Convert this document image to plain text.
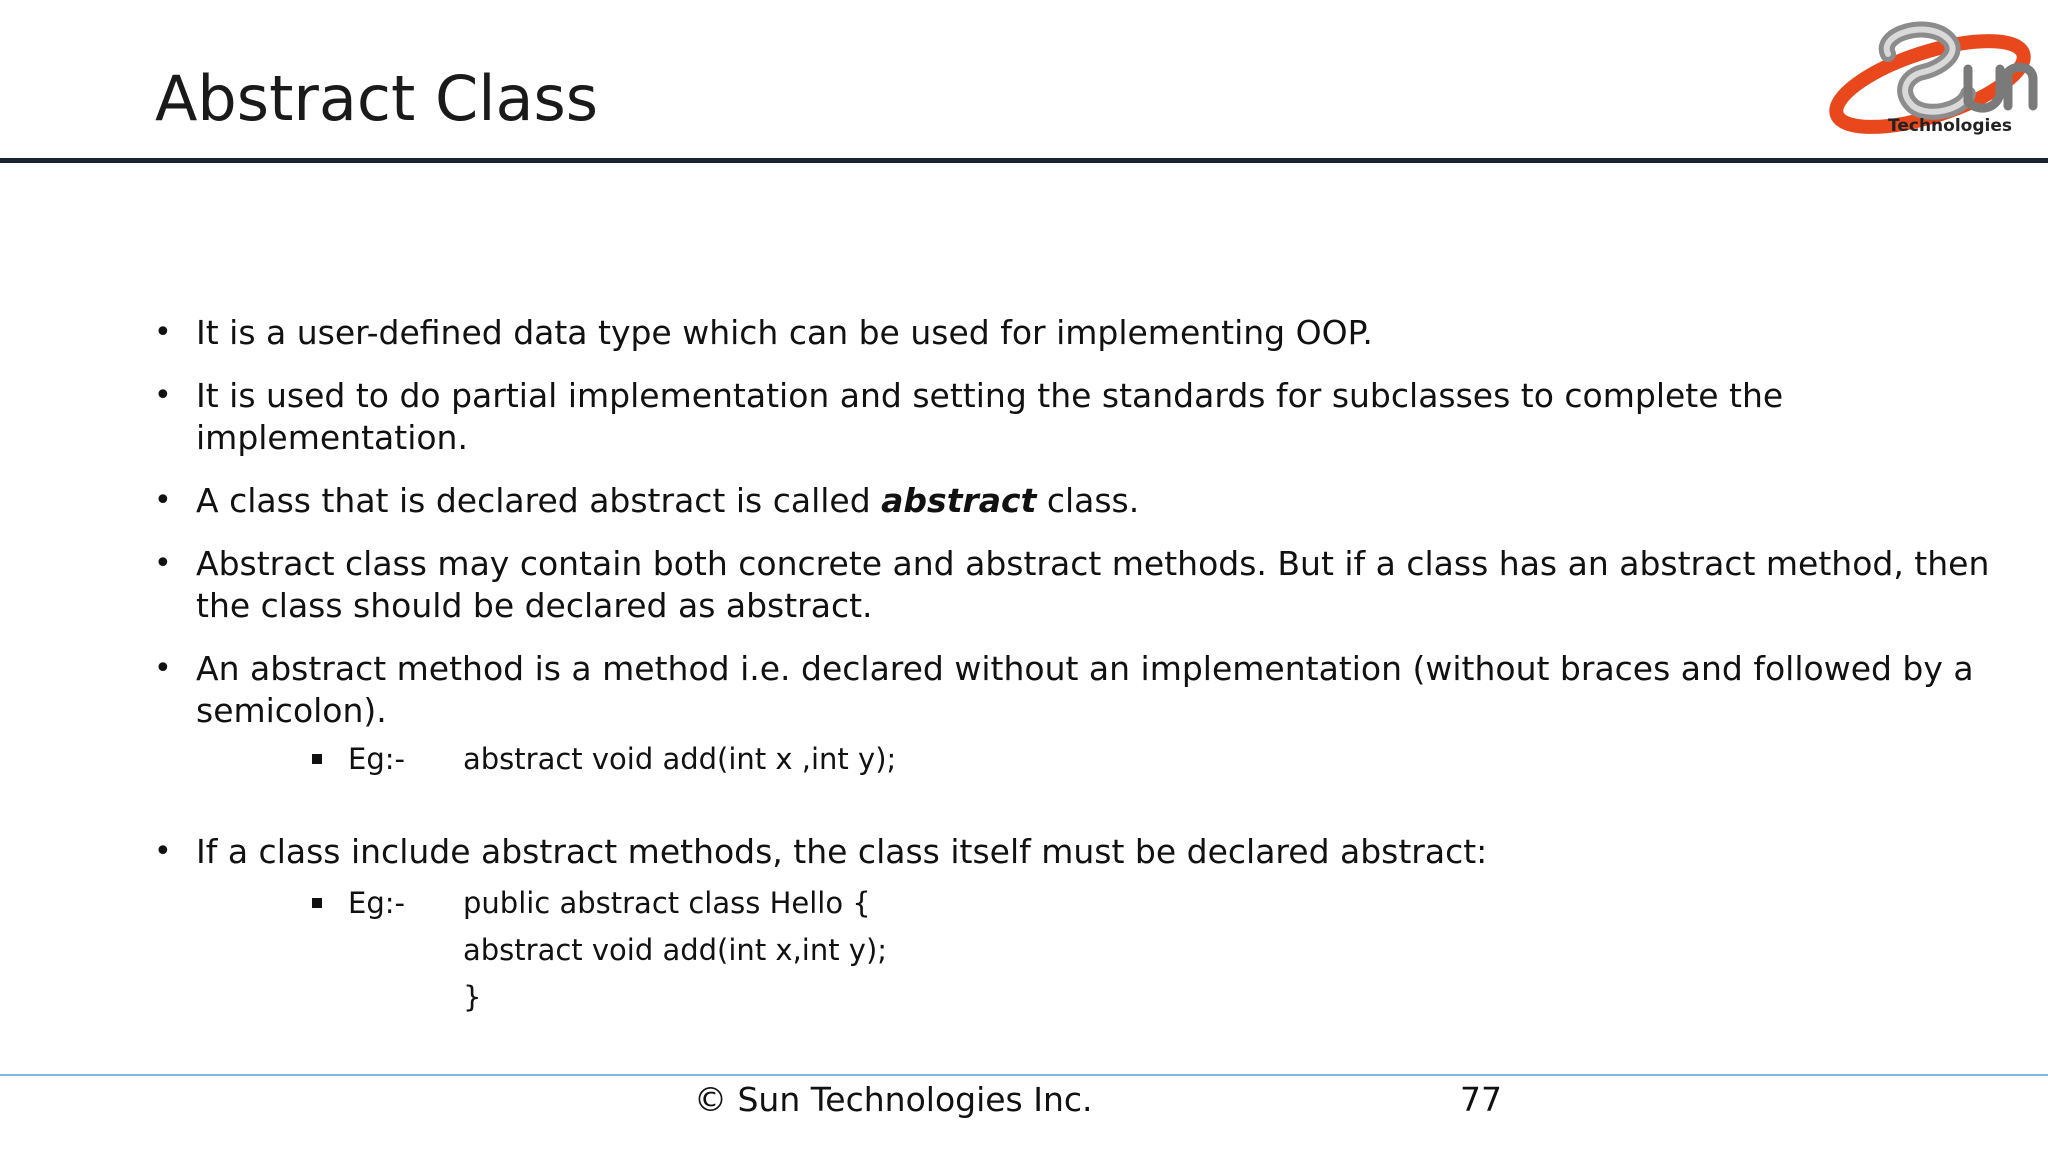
Abstract Class	Technologies
• It is a user-defined data type which can be used for implementing OOP.
• It is used to do partial implementation and setting the standards for subclasses to complete the
implementation.
• A class that is declared abstract is called abstract class.
• Abstract class may contain both concrete and abstract methods. But if a class has an abstract method, then
the class should be declared as abstract.
• An abstract method is a method i.e. declared without an implementation (without braces and followed by a
semicolon).
Eg:- abstract void add(int x ,int y);
• If a class include abstract methods, the class itself must be declared abstract:
Eg:- public abstract class Hello {
abstract void add(int x,int y);
}
© Sun Technologies Inc.	77
